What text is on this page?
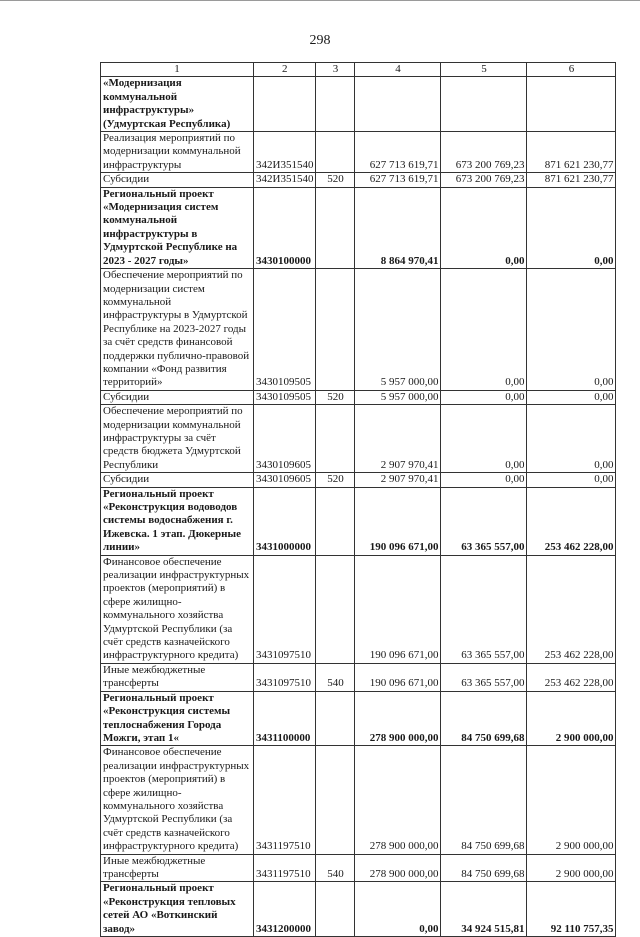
298
1	2	3	4	5	6
«Модернизация коммунальной инфраструктуры» (Удмуртская Республика)					
Реализация мероприятий по модернизации коммунальной инфраструктуры	342И351540		627 713 619,71	673 200 769,23	871 621 230,77
Субсидии	342И351540	520	627 713 619,71	673 200 769,23	871 621 230,77
Региональный проект «Модернизация систем коммунальной инфраструктуры в Удмуртской Республике на 2023 - 2027 годы»	3430100000		8 864 970,41	0,00	0,00
Обеспечение мероприятий по модернизации систем коммунальной инфраструктуры в Удмуртской Республике на 2023-2027 годы за счёт средств финансовой поддержки публично-правовой компании «Фонд развития территорий»	3430109505		5 957 000,00	0,00	0,00
Субсидии	3430109505	520	5 957 000,00	0,00	0,00
Обеспечение мероприятий по модернизации коммунальной инфраструктуры за счёт средств бюджета Удмуртской Республики	3430109605		2 907 970,41	0,00	0,00
Субсидии	3430109605	520	2 907 970,41	0,00	0,00
Региональный проект «Реконструкция водоводов системы водоснабжения г. Ижевска. 1 этап. Дюкерные линии»	3431000000		190 096 671,00	63 365 557,00	253 462 228,00
Финансовое обеспечение реализации инфраструктурных проектов (мероприятий) в сфере жилищно-коммунального хозяйства Удмуртской Республики (за счёт средств казначейского инфраструктурного кредита)	3431097510		190 096 671,00	63 365 557,00	253 462 228,00
Иные межбюджетные трансферты	3431097510	540	190 096 671,00	63 365 557,00	253 462 228,00
Региональный проект «Реконструкция системы теплоснабжения Города Можги, этап 1«	3431100000		278 900 000,00	84 750 699,68	2 900 000,00
Финансовое обеспечение реализации инфраструктурных проектов (мероприятий) в сфере жилищно-коммунального хозяйства Удмуртской Республики (за счёт средств казначейского инфраструктурного кредита)	3431197510		278 900 000,00	84 750 699,68	2 900 000,00
Иные межбюджетные трансферты	3431197510	540	278 900 000,00	84 750 699,68	2 900 000,00
Региональный проект «Реконструкция тепловых сетей АО «Воткинский завод»	3431200000		0,00	34 924 515,81	92 110 757,35
